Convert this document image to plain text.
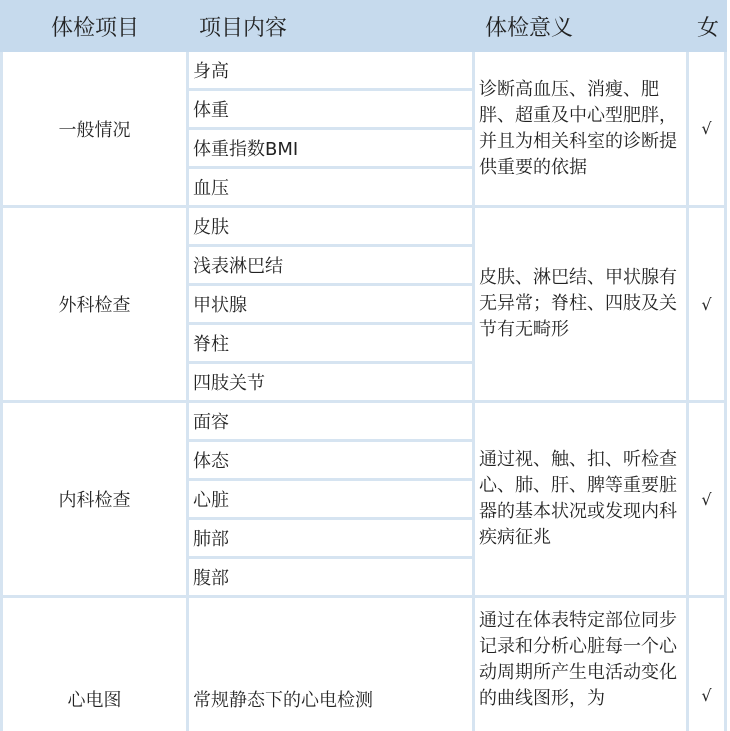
体检项目	项目内容	体检意义	女
一般情况	身高	诊断高血压、消瘦、肥胖、超重及中心型肥胖，并且为相关科室的诊断提供重要的依据	√
	体重		
	体重指数BMI		
	血压		
外科检查	皮肤	皮肤、淋巴结、甲状腺有无异常；脊柱、四肢及关节有无畸形	√
	浅表淋巴结		
	甲状腺		
	脊柱		
	四肢关节		
内科检查	面容	通过视、触、扣、听检查心、肺、肝、脾等重要脏器的基本状况或发现内科疾病征兆	√
	体态		
	心脏		
	肺部		
	腹部		
心电图	常规静态下的心电检测	通过在体表特定部位同步记录和分析心脏每一个心动周期所产生电活动变化的曲线图形，为	√
